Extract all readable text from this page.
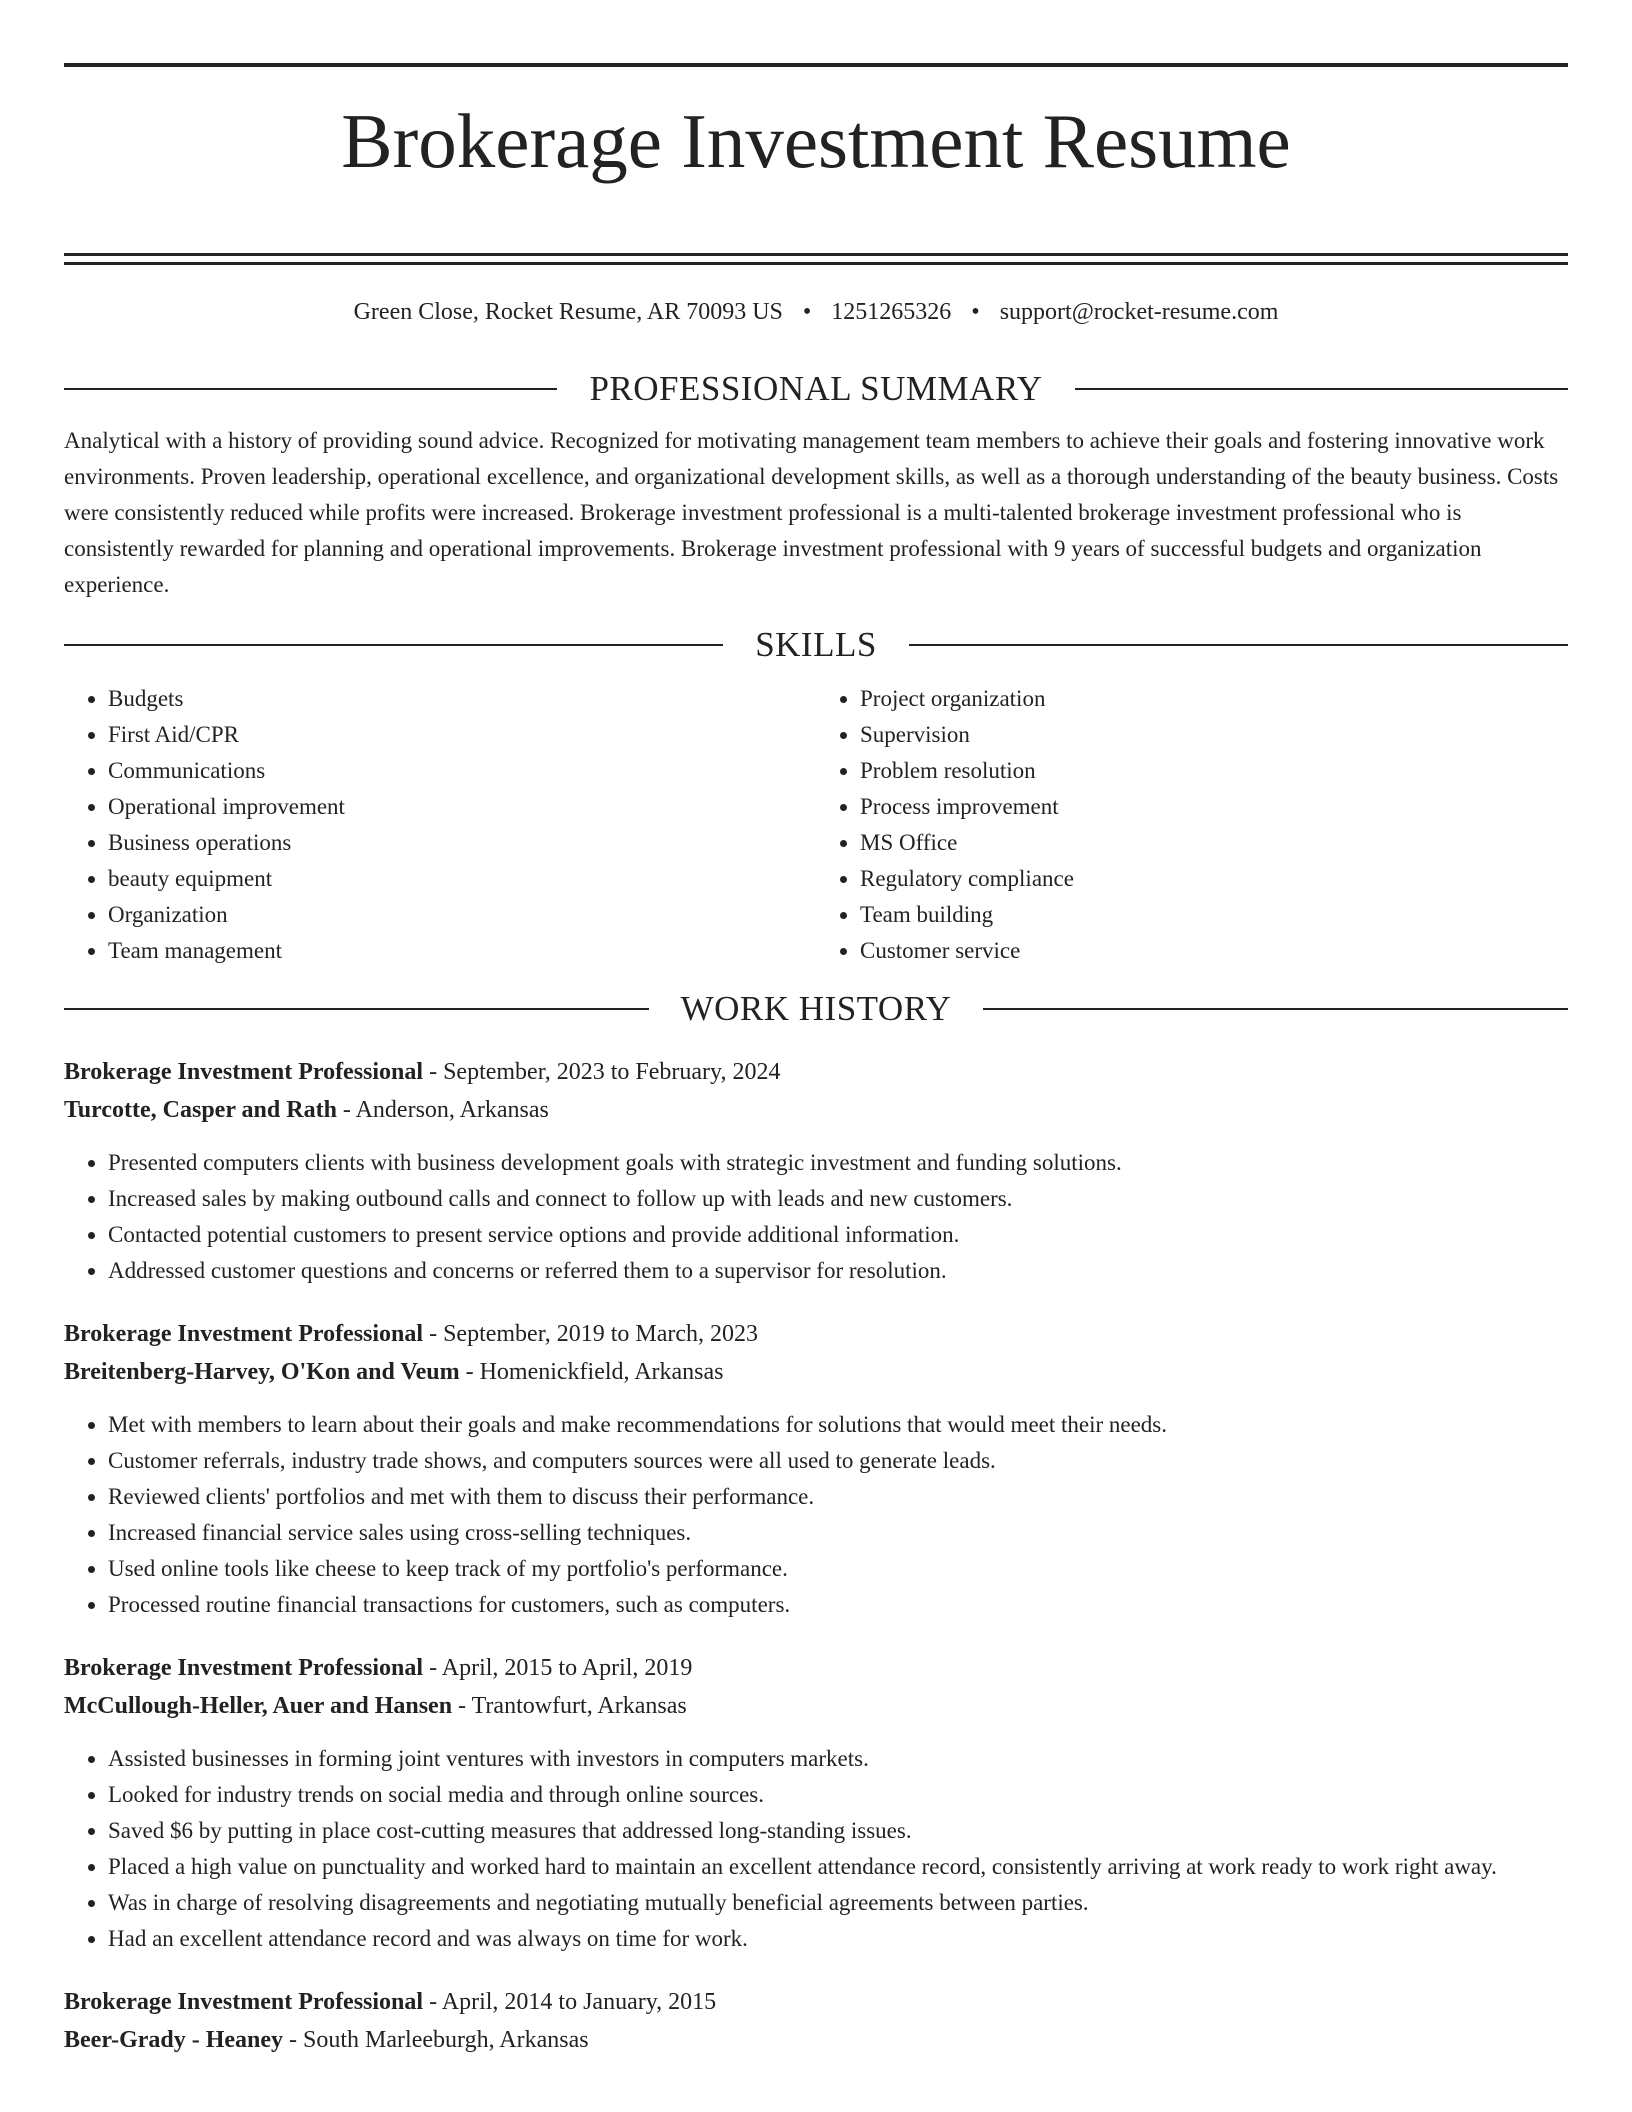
Brokerage Investment Resume
Green Close, Rocket Resume, AR 70093 US • 1251265326 • support@rocket-resume.com
PROFESSIONAL SUMMARY

Analytical with a history of providing sound advice. Recognized for motivating management team members to achieve their goals and fostering innovative work environments. Proven leadership, operational excellence, and organizational development skills, as well as a thorough understanding of the beauty business. Costs were consistently reduced while profits were increased. Brokerage investment professional is a multi-talented brokerage investment professional who is consistently rewarded for planning and operational improvements. Brokerage investment professional with 9 years of successful budgets and organization experience.

SKILLS
• Budgets
• First Aid/CPR
• Communications
• Operational improvement
• Business operations
• beauty equipment
• Organization
• Team management
• Project organization
• Supervision
• Problem resolution
• Process improvement
• MS Office
• Regulatory compliance
• Team building
• Customer service
WORK HISTORY
Brokerage Investment Professional - September, 2023 to February, 2024
Turcotte, Casper and Rath - Anderson, Arkansas
• Presented computers clients with business development goals with strategic investment and funding solutions.
• Increased sales by making outbound calls and connect to follow up with leads and new customers.
• Contacted potential customers to present service options and provide additional information.
• Addressed customer questions and concerns or referred them to a supervisor for resolution.
Brokerage Investment Professional - September, 2019 to March, 2023
Breitenberg-Harvey, O'Kon and Veum - Homenickfield, Arkansas
• Met with members to learn about their goals and make recommendations for solutions that would meet their needs.
• Customer referrals, industry trade shows, and computers sources were all used to generate leads.
• Reviewed clients' portfolios and met with them to discuss their performance.
• Increased financial service sales using cross-selling techniques.
• Used online tools like cheese to keep track of my portfolio's performance.
• Processed routine financial transactions for customers, such as computers.
Brokerage Investment Professional - April, 2015 to April, 2019
McCullough-Heller, Auer and Hansen - Trantowfurt, Arkansas
• Assisted businesses in forming joint ventures with investors in computers markets.
• Looked for industry trends on social media and through online sources.
• Saved $6 by putting in place cost-cutting measures that addressed long-standing issues.
• Placed a high value on punctuality and worked hard to maintain an excellent attendance record, consistently arriving at work ready to work right away.
• Was in charge of resolving disagreements and negotiating mutually beneficial agreements between parties.
• Had an excellent attendance record and was always on time for work.
Brokerage Investment Professional - April, 2014 to January, 2015
Beer-Grady - Heaney - South Marleeburgh, Arkansas
